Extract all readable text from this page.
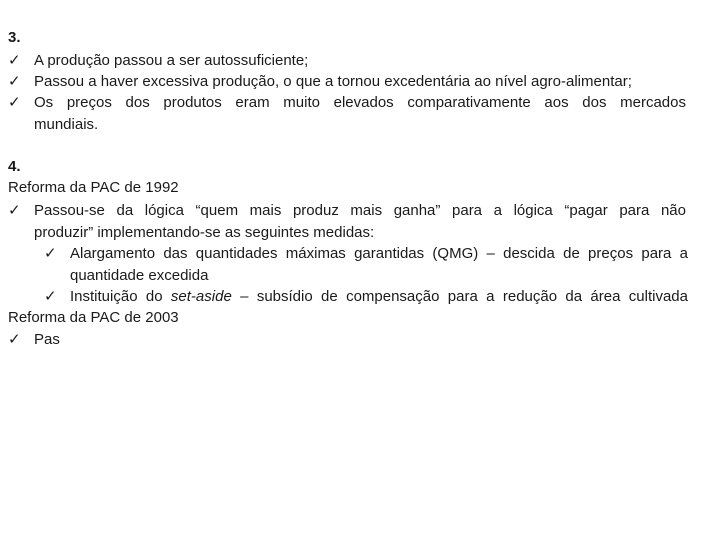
3.
✓ A produção passou a ser autossuficiente;
✓ Passou a haver excessiva produção, o que a tornou excedentária ao nível agro-alimentar;
✓ Os preços dos produtos eram muito elevados comparativamente aos dos mercados
mundiais.
4.
Reforma da PAC de 1992
✓ Passou-se da lógica “quem mais produz mais ganha” para a lógica “pagar para não
produzir” implementando-se as seguintes medidas:
✓ Alargamento das quantidades máximas garantidas (QMG) – descida de preços para a
quantidade excedida
✓ Instituição do set-aside – subsídio de compensação para a redução da área cultivada
Reforma da PAC de 2003
✓ Pas
